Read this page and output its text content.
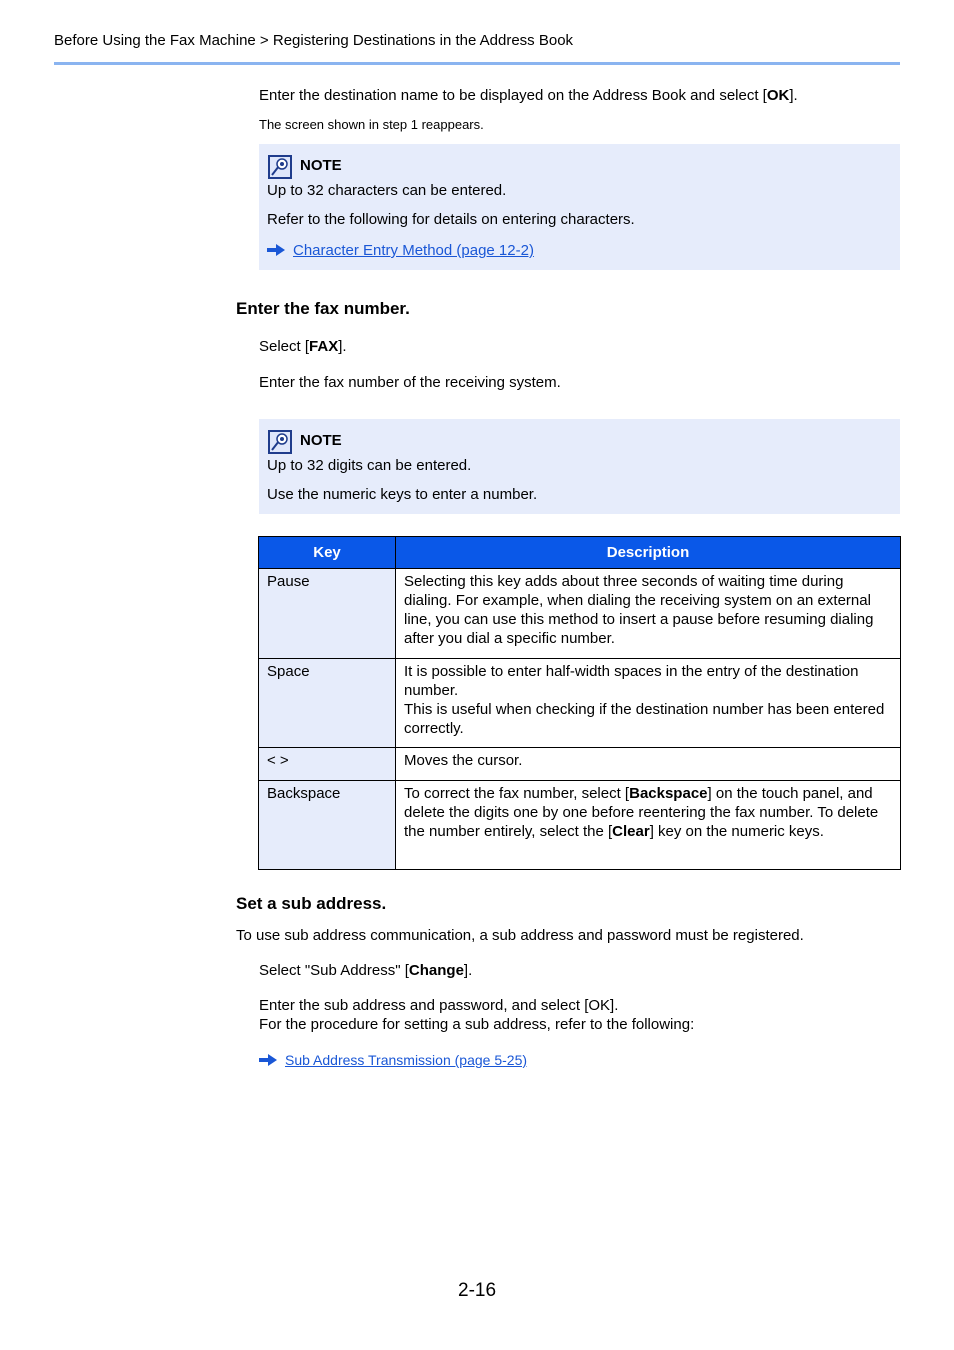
Before Using the Fax Machine > Registering Destinations in the Address Book
Enter the destination name to be displayed on the Address Book and select [OK].
The screen shown in step 1 reappears.
NOTE
Up to 32 characters can be entered.
Refer to the following for details on entering characters.
Character Entry Method (page 12-2)
Enter the fax number.
Select [FAX].
Enter the fax number of the receiving system.
NOTE
Up to 32 digits can be entered.
Use the numeric keys to enter a number.
Key	Description
Pause	Selecting this key adds about three seconds of waiting time during dialing. For example, when dialing the receiving system on an external line, you can use this method to insert a pause before resuming dialing after you dial a specific number.
Space	It is possible to enter half-width spaces in the entry of the destination number.
This is useful when checking if the destination number has been entered correctly.
< >	Moves the cursor.
Backspace	To correct the fax number, select [Backspace] on the touch panel, and delete the digits one by one before reentering the fax number. To delete the number entirely, select the [Clear] key on the numeric keys.
Set a sub address.
To use sub address communication, a sub address and password must be registered.
Select "Sub Address" [Change].
Enter the sub address and password, and select [OK].
For the procedure for setting a sub address, refer to the following:
Sub Address Transmission (page 5-25)
2-16
